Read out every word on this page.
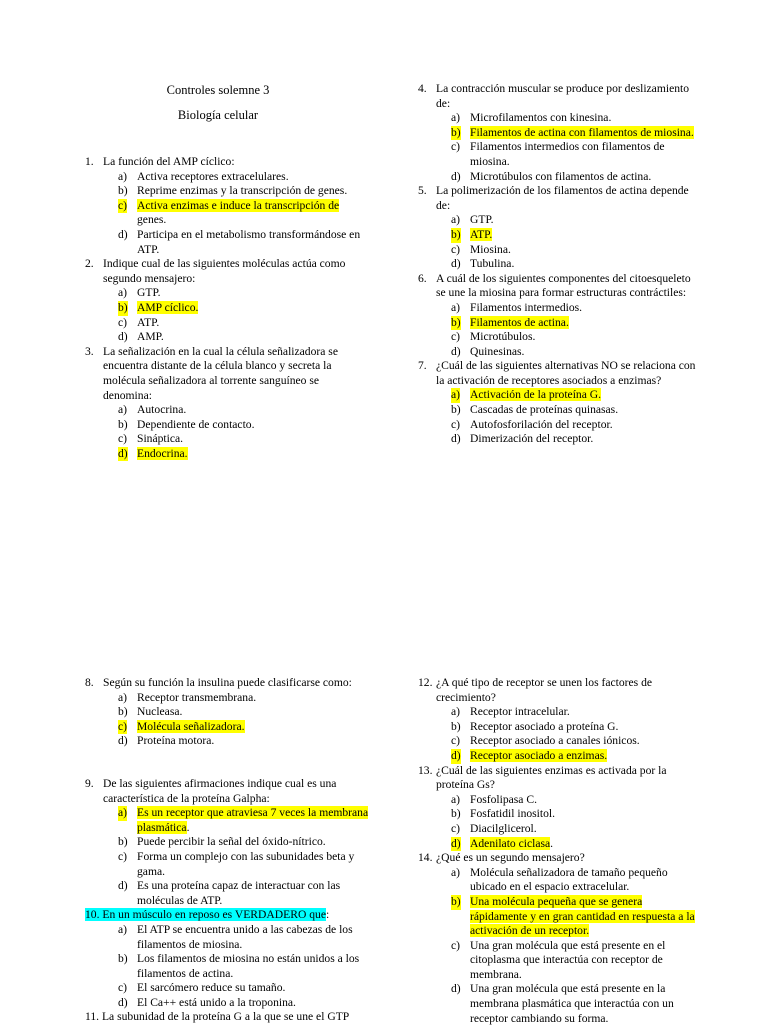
Controles solemne 3
Biología celular
1. La función del AMP cíclico:
a) Activa receptores extracelulares.
b) Reprime enzimas y la transcripción de genes.
c) Activa enzimas e induce la transcripción de
genes.
d) Participa en el metabolismo transformándose en ATP.
2. Indique cual de las siguientes moléculas actúa como segundo mensajero:
a) GTP.
b) AMP cíclico.
c) ATP.
d) AMP.
3. La señalización en la cual la célula señalizadora se encuentra distante de la célula blanco y secreta la molécula señalizadora al torrente sanguíneo se denomina:
a) Autocrina.
b) Dependiente de contacto.
c) Sináptica.
d) Endocrina.
4. La contracción muscular se produce por deslizamiento de:
a) Microfilamentos con kinesina.
b) Filamentos de actina con filamentos de miosina.
c) Filamentos intermedios con filamentos de miosina.
d) Microtúbulos con filamentos de actina.
5. La polimerización de los filamentos de actina depende de:
a) GTP.
b) ATP.
c) Miosina.
d) Tubulina.
6. A cuál de los siguientes componentes del citoesqueleto se une la miosina para formar estructuras contráctiles:
a) Filamentos intermedios.
b) Filamentos de actina.
c) Microtúbulos.
d) Quinesinas.
7. ¿Cuál de las siguientes alternativas NO se relaciona con la activación de receptores asociados a enzimas?
a) Activación de la proteína G.
b) Cascadas de proteínas quinasas.
c) Autofosforilación del receptor.
d) Dimerización del receptor.
8. Según su función la insulina puede clasificarse como:
a) Receptor transmembrana.
b) Nucleasa.
c) Molécula señalizadora.
d) Proteína motora.
9. De las siguientes afirmaciones indique cual es una característica de la proteína Galpha:
a) Es un receptor que atraviesa 7 veces la membrana plasmática.
b) Puede percibir la señal del óxido-nítrico.
c) Forma un complejo con las subunidades beta y gama.
d) Es una proteína capaz de interactuar con las moléculas de ATP.
10. En un músculo en reposo es VERDADERO que:
a) El ATP se encuentra unido a las cabezas de los filamentos de miosina.
b) Los filamentos de miosina no están unidos a los filamentos de actina.
c) El sarcómero reduce su tamaño.
d) El Ca++ está unido a la troponina.
11. La subunidad de la proteína G a la que se une el GTP
12. ¿A qué tipo de receptor se unen los factores de crecimiento?
a) Receptor intracelular.
b) Receptor asociado a proteína G.
c) Receptor asociado a canales iónicos.
d) Receptor asociado a enzimas.
13. ¿Cuál de las siguientes enzimas es activada por la proteína Gs?
a) Fosfolipasa C.
b) Fosfatidil inositol.
c) Diacilglicerol.
d) Adenilato ciclasa.
14. ¿Qué es un segundo mensajero?
a) Molécula señalizadora de tamaño pequeño ubicado en el espacio extracelular.
b) Una molécula pequeña que se genera rápidamente y en gran cantidad en respuesta a la activación de un receptor.
c) Una gran molécula que está presente en el citoplasma que interactúa con receptor de membrana.
d) Una gran molécula que está presente en la membrana plasmática que interactúa con un receptor cambiando su forma.
